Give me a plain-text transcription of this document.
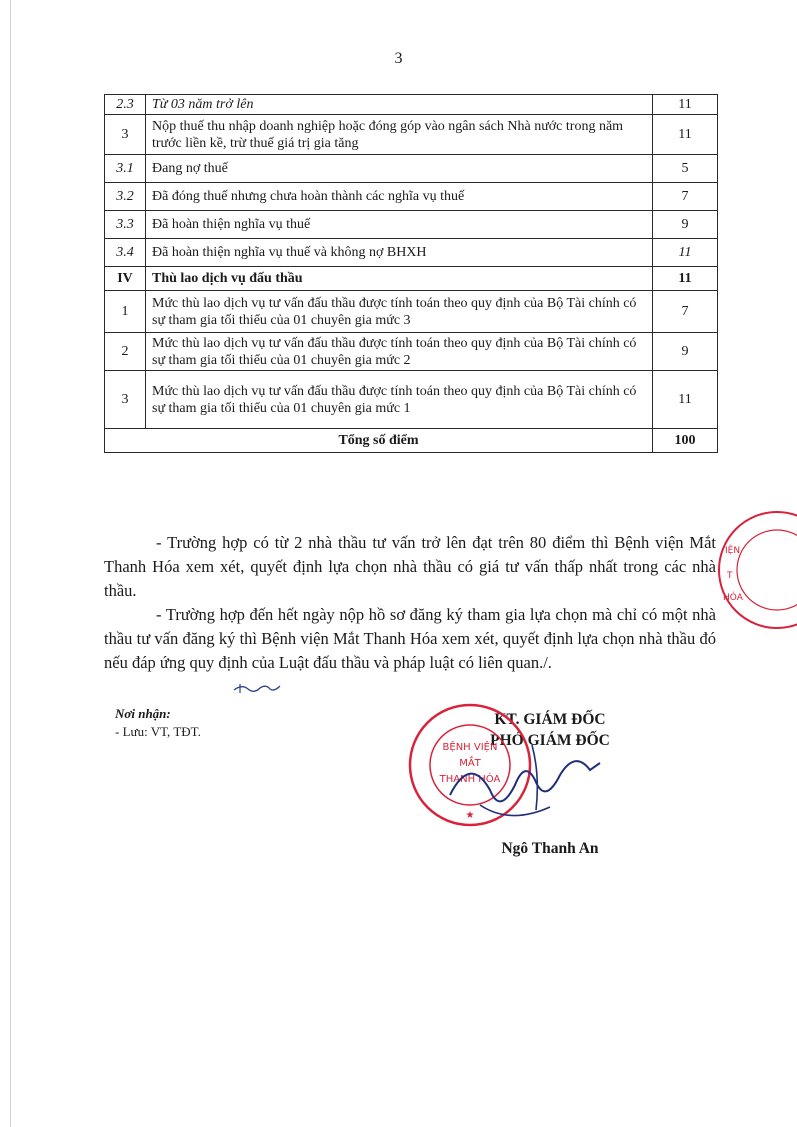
3
2.3	Từ 03 năm trở lên	11
3	Nộp thuế thu nhập doanh nghiệp hoặc đóng góp vào ngân sách Nhà nước trong năm trước liền kề, trừ thuế giá trị gia tăng	11
3.1	Đang nợ thuế	5
3.2	Đã đóng thuế nhưng chưa hoàn thành các nghĩa vụ thuế	7
3.3	Đã hoàn thiện nghĩa vụ thuế	9
3.4	Đã hoàn thiện nghĩa vụ thuế và không nợ BHXH	11
IV	Thù lao dịch vụ đấu thầu	11
1	Mức thù lao dịch vụ tư vấn đấu thầu được tính toán theo quy định của Bộ Tài chính có sự tham gia tối thiểu của 01 chuyên gia mức 3	7
2	Mức thù lao dịch vụ tư vấn đấu thầu được tính toán theo quy định của Bộ Tài chính có sự tham gia tối thiểu của 01 chuyên gia mức 2	9
3	Mức thù lao dịch vụ tư vấn đấu thầu được tính toán theo quy định của Bộ Tài chính có sự tham gia tối thiểu của 01 chuyên gia mức 1	11
Tổng số điểm		100

- Trường hợp có từ 2 nhà thầu tư vấn trở lên đạt trên 80 điểm thì Bệnh viện Mắt Thanh Hóa xem xét, quyết định lựa chọn nhà thầu có giá tư vấn thấp nhất trong các nhà thầu.

- Trường hợp đến hết ngày nộp hồ sơ đăng ký tham gia lựa chọn mà chỉ có một nhà thầu tư vấn đăng ký thì Bệnh viện Mắt Thanh Hóa xem xét, quyết định lựa chọn nhà thầu đó nếu đáp ứng quy định của Luật đấu thầu và pháp luật có liên quan./.

Nơi nhận:
- Lưu: VT, TĐT.
KT. GIÁM ĐỐC
PHÓ GIÁM ĐỐC
BỆNH VIỆN
MẮT
THANH HÓA
★
Ngô Thanh An
IỆN
T
HÓA
